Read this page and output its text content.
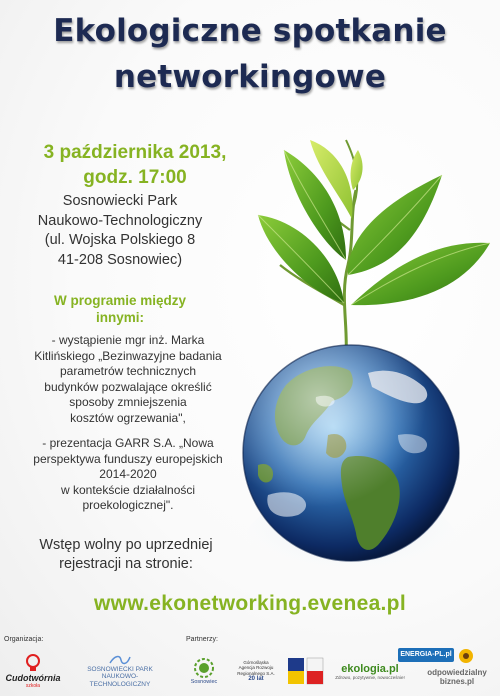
Ekologiczne spotkanie
networkingowe
3 października 2013,
godz. 17:00
Sosnowiecki Park
Naukowo-Technologiczny
(ul. Wojska Polskiego 8
41-208 Sosnowiec)
W programie między
innymi:
- wystąpienie mgr inż. Marka
Kitlińskiego „Bezinwazyjne badania
parametrów technicznych
budynków pozwalające określić
sposoby zmniejszenia
kosztów ogrzewania",
- prezentacja GARR S.A. „Nowa
perspektywa funduszy europejskich
2014-2020
w kontekście działalności
proekologicznej".
Wstęp wolny po uprzedniej
rejestracji na stronie:
www.ekonetworking.evenea.pl
Organizacja:	Partnerzy:
Cudotwórnia
szkoła
SOSNOWIECKI PARK
NAUKOWO-TECHNOLOGICZNY	Sosnowiec
Górnośląska
Agencja Rozwoju
Regionalnego S.A.
20 lat
ekologia.pl
Zdrowo, pozytywnie, nowocześnie!
ENERGIA-PL.pl
odpowiedzialny
biznes.pl
